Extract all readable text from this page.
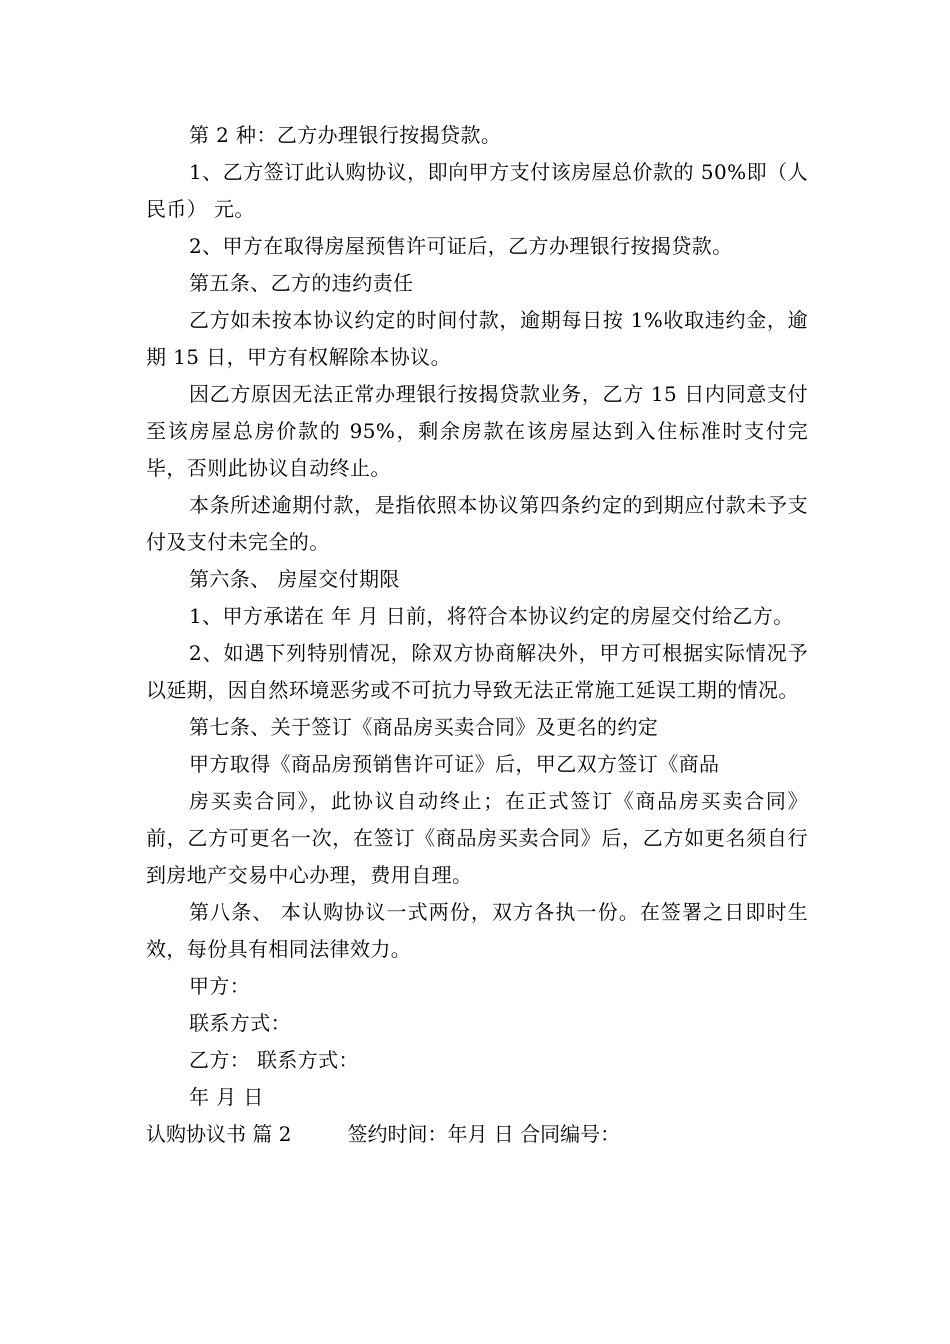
第 2 种：乙方办理银行按揭贷款。

1、乙方签订此认购协议，即向甲方支付该房屋总价款的 50%即（人民币） 元。

2、甲方在取得房屋预售许可证后，乙方办理银行按揭贷款。

第五条、乙方的违约责任

乙方如未按本协议约定的时间付款，逾期每日按 1%收取违约金，逾期 15 日，甲方有权解除本协议。

因乙方原因无法正常办理银行按揭贷款业务，乙方 15 日内同意支付至该房屋总房价款的 95%，剩余房款在该房屋达到入住标准时支付完毕，否则此协议自动终止。

本条所述逾期付款，是指依照本协议第四条约定的到期应付款未予支付及支付未完全的。

第六条、 房屋交付期限

1、甲方承诺在 年 月 日前，将符合本协议约定的房屋交付给乙方。

2、如遇下列特别情况，除双方协商解决外，甲方可根据实际情况予以延期，因自然环境恶劣或不可抗力导致无法正常施工延误工期的情况。

第七条、关于签订《商品房买卖合同》及更名的约定

甲方取得《商品房预销售许可证》后，甲乙双方签订《商品

房买卖合同》，此协议自动终止；在正式签订《商品房买卖合同》前，乙方可更名一次，在签订《商品房买卖合同》后，乙方如更名须自行到房地产交易中心办理，费用自理。

第八条、 本认购协议一式两份，双方各执一份。在签署之日即时生效，每份具有相同法律效力。

甲方：

联系方式：

乙方： 联系方式：

年 月 日

认购协议书 篇 2	签约时间：年月 日 合同编号：
